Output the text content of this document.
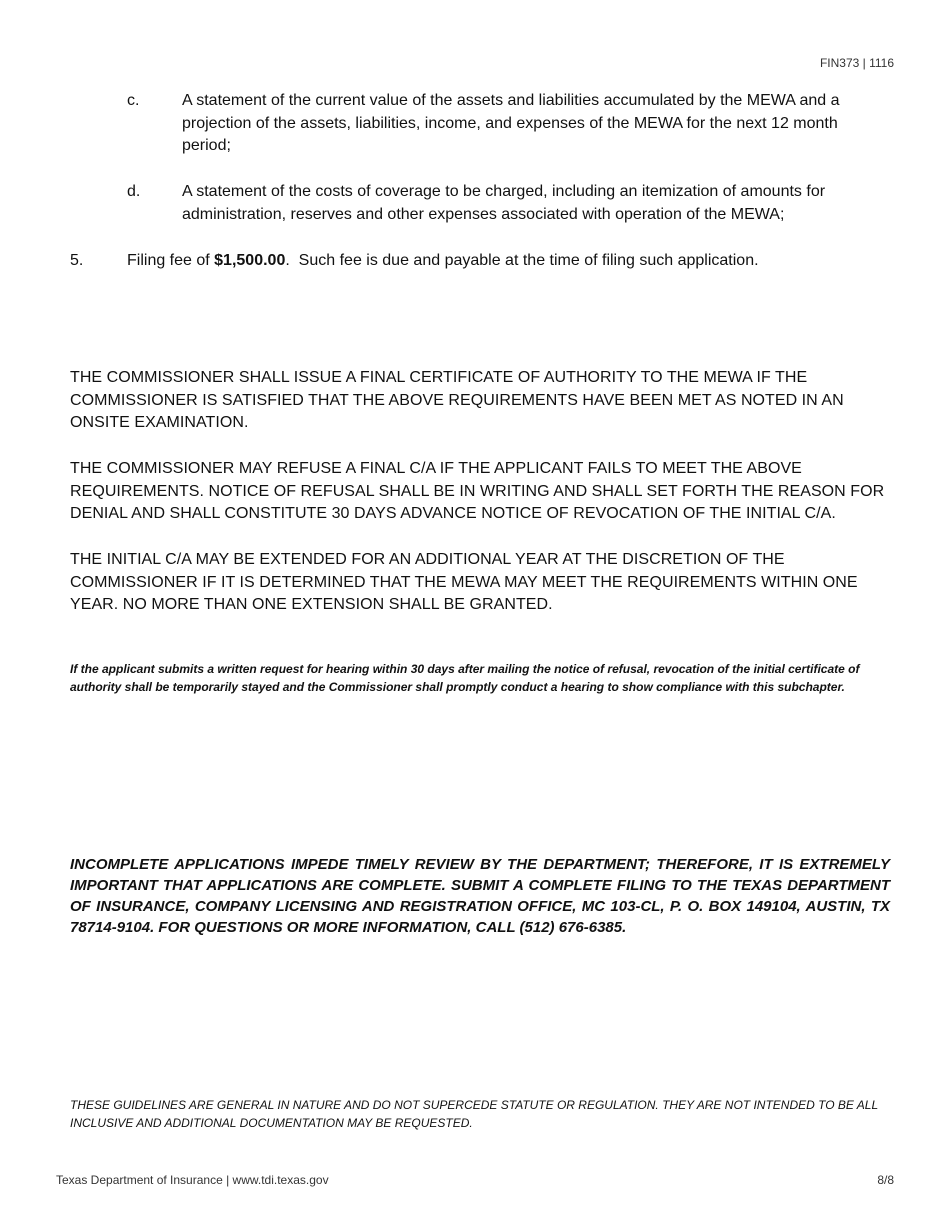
FIN373 | 1116
c.	A statement of the current value of the assets and liabilities accumulated by the MEWA and a projection of the assets, liabilities, income, and expenses of the MEWA for the next 12 month period;
d.	A statement of the costs of coverage to be charged, including an itemization of amounts for administration, reserves and other expenses associated with operation of the MEWA;
5.	Filing fee of $1,500.00.  Such fee is due and payable at the time of filing such application.
THE COMMISSIONER SHALL ISSUE A FINAL CERTIFICATE OF AUTHORITY TO THE MEWA IF THE COMMISSIONER IS SATISFIED THAT THE ABOVE REQUIREMENTS HAVE BEEN MET AS NOTED IN AN ONSITE EXAMINATION.
THE COMMISSIONER MAY REFUSE A FINAL C/A IF THE APPLICANT FAILS TO MEET THE ABOVE REQUIREMENTS. NOTICE OF REFUSAL SHALL BE IN WRITING AND SHALL SET FORTH THE REASON FOR DENIAL AND SHALL CONSTITUTE 30 DAYS ADVANCE NOTICE OF REVOCATION OF THE INITIAL C/A.
THE INITIAL C/A MAY BE EXTENDED FOR AN ADDITIONAL YEAR AT THE DISCRETION OF THE COMMISSIONER IF IT IS DETERMINED THAT THE MEWA MAY MEET THE REQUIREMENTS WITHIN ONE YEAR. NO MORE THAN ONE EXTENSION SHALL BE GRANTED.
If the applicant submits a written request for hearing within 30 days after mailing the notice of refusal, revocation of the initial certificate of authority shall be temporarily stayed and the Commissioner shall promptly conduct a hearing to show compliance with this subchapter.
INCOMPLETE APPLICATIONS IMPEDE TIMELY REVIEW BY THE DEPARTMENT; THEREFORE, IT IS EXTREMELY IMPORTANT THAT APPLICATIONS ARE COMPLETE. SUBMIT A COMPLETE FILING TO THE TEXAS DEPARTMENT OF INSURANCE, COMPANY LICENSING AND REGISTRATION OFFICE, MC 103-CL, P. O. BOX 149104, AUSTIN, TX 78714-9104. FOR QUESTIONS OR MORE INFORMATION, CALL (512) 676-6385.
THESE GUIDELINES ARE GENERAL IN NATURE AND DO NOT SUPERCEDE STATUTE OR REGULATION. THEY ARE NOT INTENDED TO BE ALL INCLUSIVE AND ADDITIONAL DOCUMENTATION MAY BE REQUESTED.
Texas Department of Insurance | www.tdi.texas.gov	8/8
